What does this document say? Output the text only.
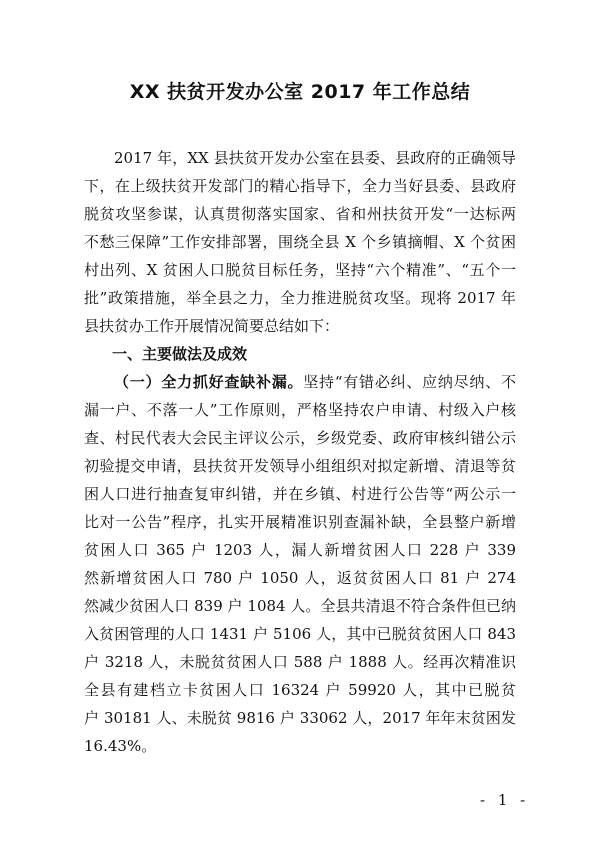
XX 扶贫开发办公室 2017 年工作总结
2017 年，XX 县扶贫开发办公室在县委、县政府的正确领导
下，在上级扶贫开发部门的精心指导下，全力当好县委、县政府
脱贫攻坚参谋，认真贯彻落实国家、省和州扶贫开发“一达标两
不愁三保障”工作安排部署，围绕全县 X 个乡镇摘帽、X 个贫困
村出列、X 贫困人口脱贫目标任务，坚持“六个精准”、“五个一
批”政策措施，举全县之力，全力推进脱贫攻坚。现将 2017 年
县扶贫办工作开展情况简要总结如下：
一、主要做法及成效
（一）全力抓好查缺补漏。坚持“有错必纠、应纳尽纳、不
漏一户、不落一人”工作原则，严格坚持农户申请、村级入户核
查、村民代表大会民主评议公示，乡级党委、政府审核纠错公示
初验提交申请，县扶贫开发领导小组组织对拟定新增、清退等贫
困人口进行抽查复审纠错，并在乡镇、村进行公告等“两公示一
比对一公告”程序，扎实开展精准识别查漏补缺，全县整户新增
贫困人口 365 户 1203 人，漏人新增贫困人口 228 户 339
然新增贫困人口 780 户 1050 人，返贫贫困人口 81 户 274
然减少贫困人口 839 户 1084 人。全县共清退不符合条件但已纳
入贫困管理的人口 1431 户 5106 人，其中已脱贫贫困人口 843
户 3218 人，未脱贫贫困人口 588 户 1888 人。经再次精准识
全县有建档立卡贫困人口 16324 户 59920 人，其中已脱贫
户 30181 人、未脱贫 9816 户 33062 人，2017 年年末贫困发
16.43%。
- 1 -
